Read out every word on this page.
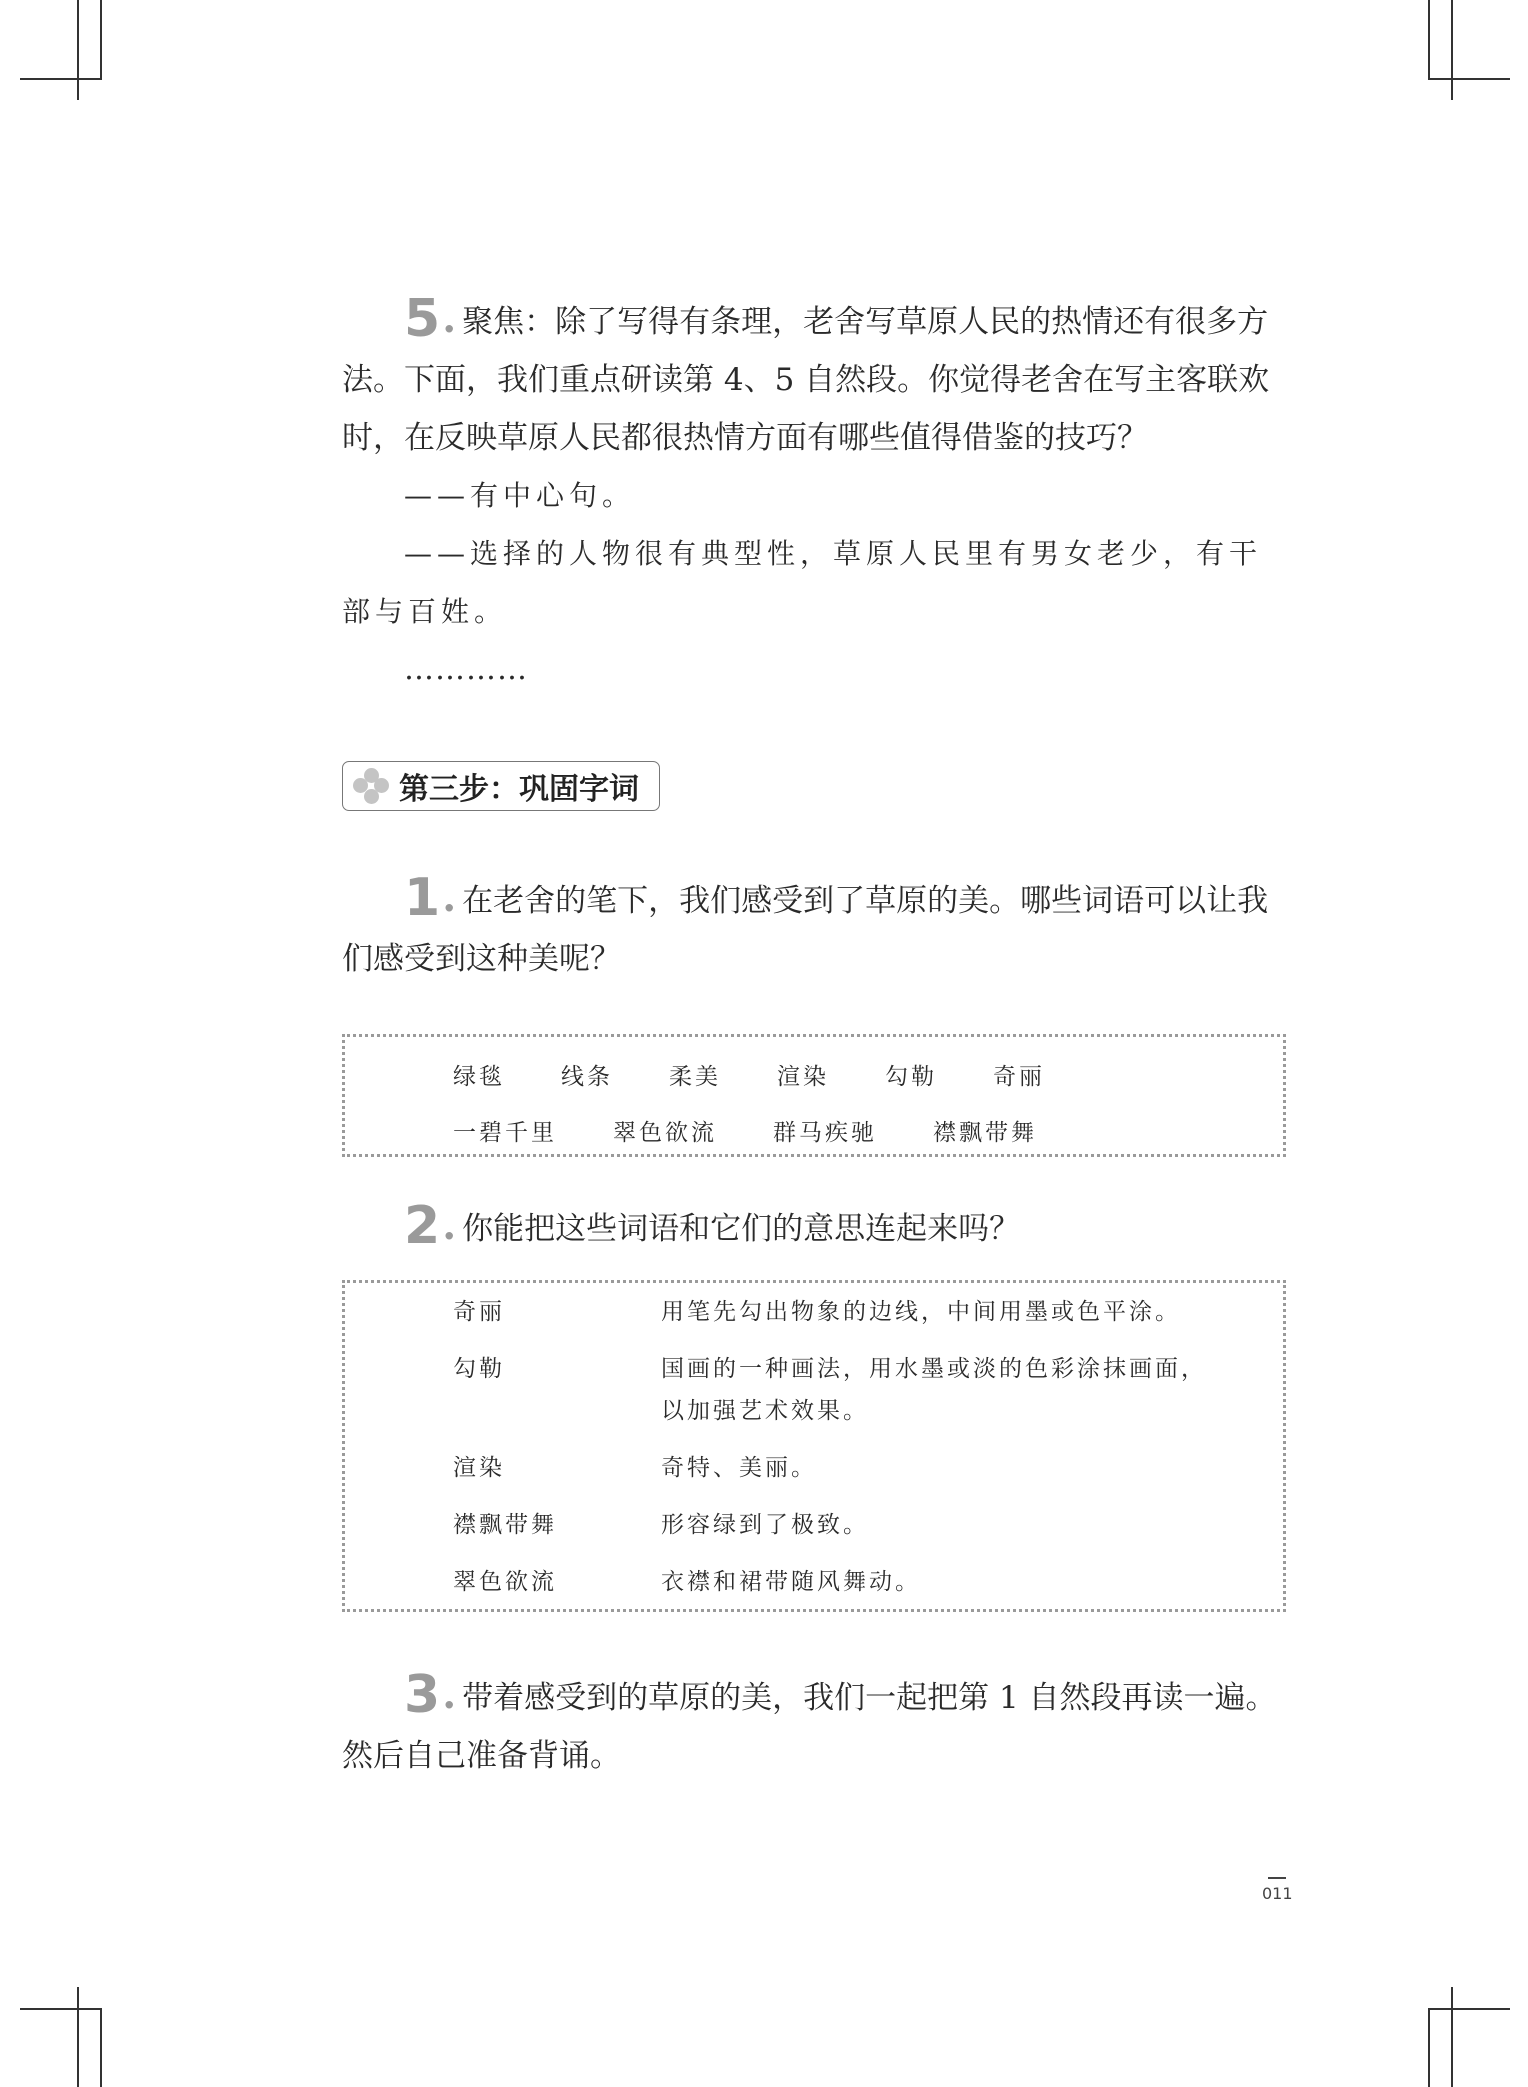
5. 聚焦：除了写得有条理，老舍写草原人民的热情还有很多方法。下面，我们重点研读第 4、5 自然段。你觉得老舍在写主客联欢时，在反映草原人民都很热情方面有哪些值得借鉴的技巧？

——有中心句。

——选择的人物很有典型性，草原人民里有男女老少，有干部与百姓。

…………

第三步：巩固字词

1. 在老舍的笔下，我们感受到了草原的美。哪些词语可以让我们感受到这种美呢？

绿毯 线条 柔美 渲染 勾勒 奇丽
一碧千里 翠色欲流 群马疾驰 襟飘带舞

2. 你能把这些词语和它们的意思连起来吗？

奇丽	用笔先勾出物象的边线，中间用墨或色平涂。
勾勒	国画的一种画法，用水墨或淡的色彩涂抹画面，以加强艺术效果。
渲染	奇特、美丽。
襟飘带舞	形容绿到了极致。
翠色欲流	衣襟和裙带随风舞动。

3. 带着感受到的草原的美，我们一起把第 1 自然段再读一遍。然后自己准备背诵。

011
